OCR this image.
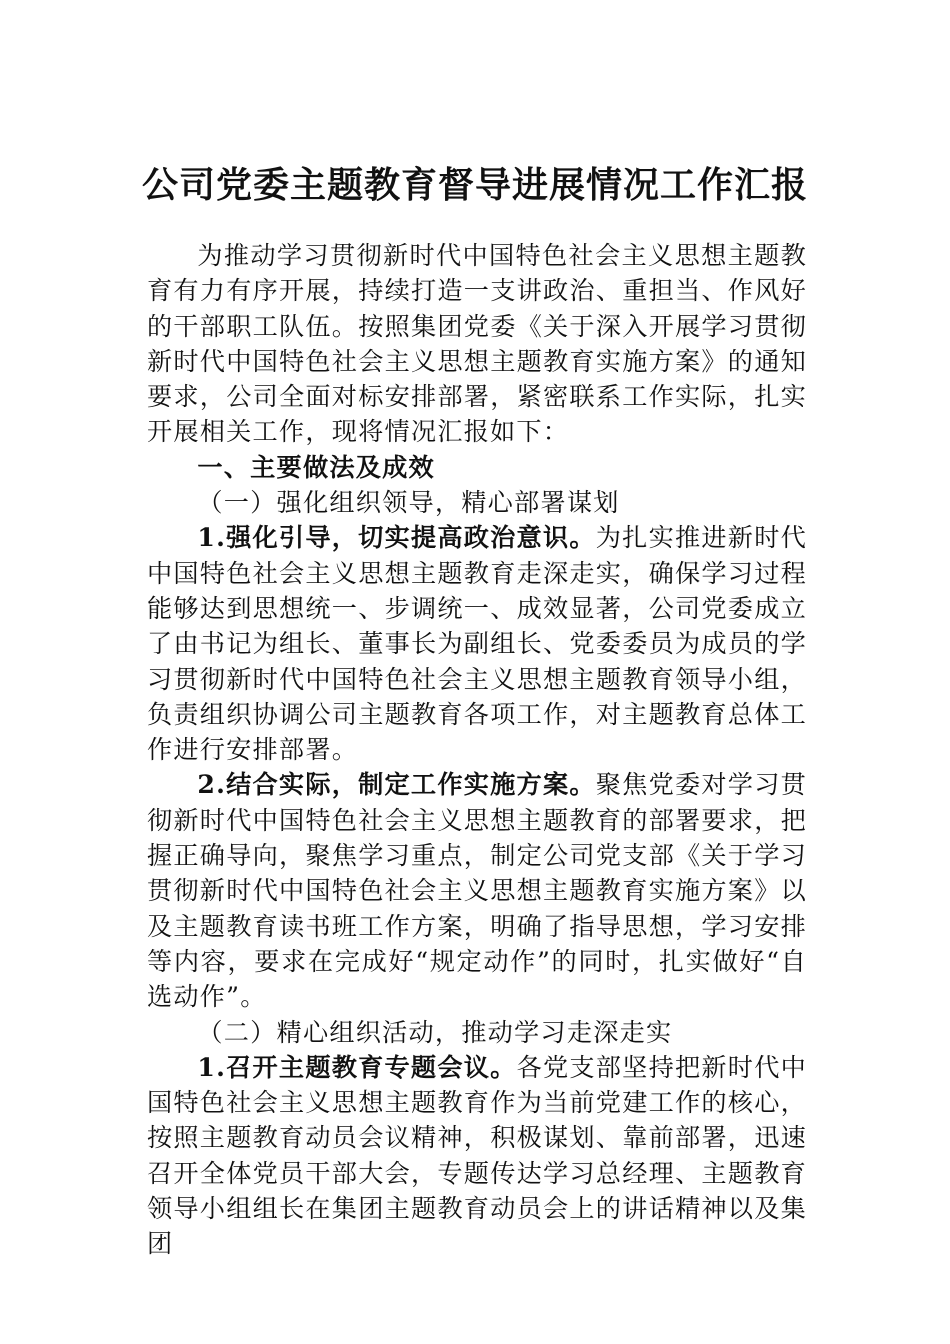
公司党委主题教育督导进展情况工作汇报

为推动学习贯彻新时代中国特色社会主义思想主题教育有力有序开展，持续打造一支讲政治、重担当、作风好的干部职工队伍。按照集团党委《关于深入开展学习贯彻新时代中国特色社会主义思想主题教育实施方案》的通知要求，公司全面对标安排部署，紧密联系工作实际，扎实开展相关工作，现将情况汇报如下：

一、主要做法及成效

（一）强化组织领导，精心部署谋划

1.强化引导，切实提高政治意识。为扎实推进新时代中国特色社会主义思想主题教育走深走实，确保学习过程能够达到思想统一、步调统一、成效显著，公司党委成立了由书记为组长、董事长为副组长、党委委员为成员的学习贯彻新时代中国特色社会主义思想主题教育领导小组，负责组织协调公司主题教育各项工作，对主题教育总体工作进行安排部署。

2.结合实际，制定工作实施方案。聚焦党委对学习贯彻新时代中国特色社会主义思想主题教育的部署要求，把握正确导向，聚焦学习重点，制定公司党支部《关于学习贯彻新时代中国特色社会主义思想主题教育实施方案》以及主题教育读书班工作方案，明确了指导思想，学习安排等内容，要求在完成好“规定动作”的同时，扎实做好“自选动作”。

（二）精心组织活动，推动学习走深走实

1.召开主题教育专题会议。各党支部坚持把新时代中国特色社会主义思想主题教育作为当前党建工作的核心，按照主题教育动员会议精神，积极谋划、靠前部署，迅速召开全体党员干部大会，专题传达学习总经理、主题教育领导小组组长在集团主题教育动员会上的讲话精神以及集团
